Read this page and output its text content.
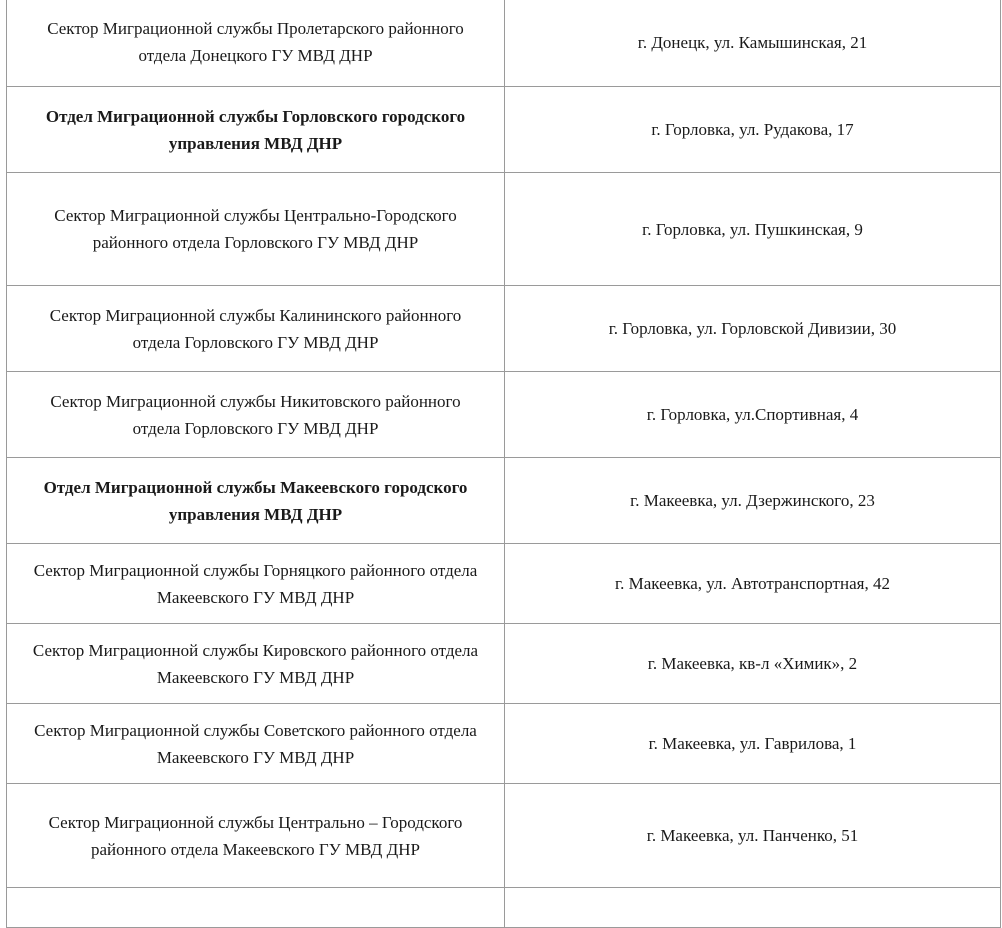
Сектор Миграционной службы Пролетарского районного
отдела Донецкого ГУ МВД ДНР	г. Донецк, ул. Камышинская, 21

Отдел Миграционной службы Горловского городского
управления МВД ДНР	г. Горловка, ул. Рудакова, 17

Сектор Миграционной службы Центрально-Городского
районного отдела Горловского ГУ МВД ДНР	г. Горловка, ул. Пушкинская, 9

Сектор Миграционной службы Калининского районного
отдела Горловского ГУ МВД ДНР	г. Горловка, ул. Горловской Дивизии, 30

Сектор Миграционной службы Никитовского районного
отдела Горловского ГУ МВД ДНР	г. Горловка, ул.Спортивная, 4

Отдел Миграционной службы Макеевского городского
управления МВД ДНР	г. Макеевка, ул. Дзержинского, 23

Сектор Миграционной службы Горняцкого районного отдела
Макеевского ГУ МВД ДНР	г. Макеевка, ул. Автотранспортная, 42

Сектор Миграционной службы Кировского районного отдела
Макеевского ГУ МВД ДНР	г. Макеевка, кв-л «Химик», 2

Сектор Миграционной службы Советского районного отдела
Макеевского ГУ МВД ДНР	г. Макеевка, ул. Гаврилова, 1

Сектор Миграционной службы Центрально – Городского
районного отдела Макеевского ГУ МВД ДНР	г. Макеевка, ул. Панченко, 51
